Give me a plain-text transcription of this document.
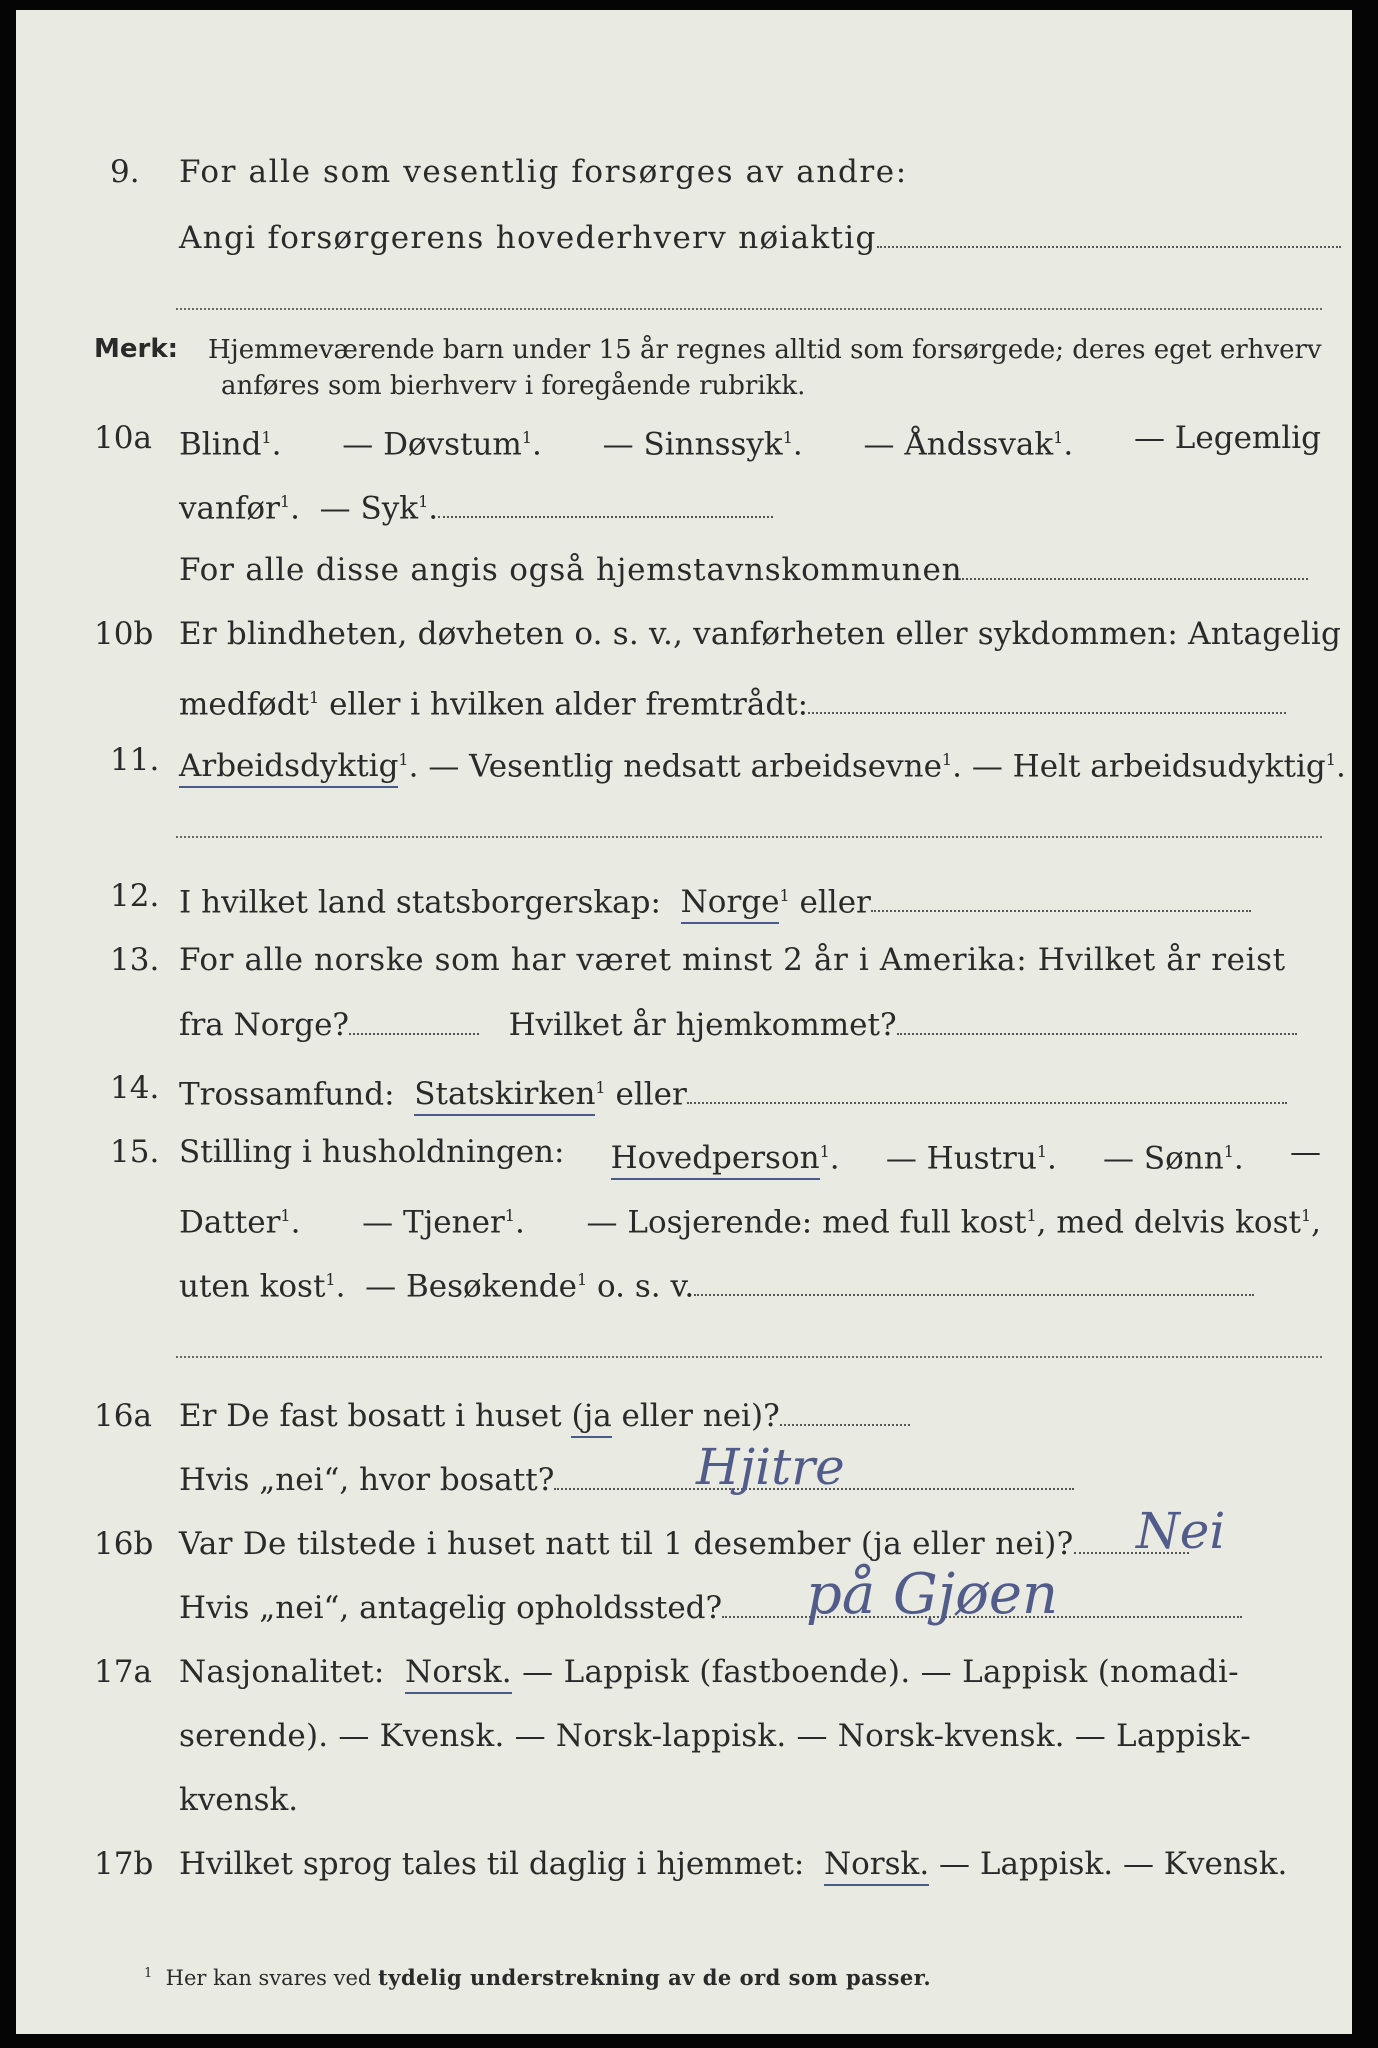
9. For alle som vesentlig forsørges av andre:
Angi forsørgerens hovederhverv nøiaktig
Merk: Hjemmeværende barn under 15 år regnes alltid som forsørgede; deres eget erhverv
anføres som bierhverv i foregående rubrikk.
10a Blind$^1$. — Døvstum$^1$. — Sinnssyk$^1$. — Åndssvak$^1$. — Legemlig
vanfør$^1$.  — Syk$^1$.
For alle disse angis også hjemstavnskommunen
10b Er blindheten, døvheten o. s. v., vanførheten eller sykdommen: Antagelig
medfødt$^1$ eller i hvilken alder fremtrådt:
11. Arbeidsdyktig$^1$. — Vesentlig nedsatt arbeidsevne$^1$. — Helt arbeidsudyktig$^1$.
12. I hvilket land statsborgerskap: Norge$^1$ eller
13. For alle norske som har været minst 2 år i Amerika: Hvilket år reist
fra Norge?	Hvilket år hjemkommet?
14. Trossamfund: Statskirken$^1$ eller
15. Stilling i husholdningen: Hovedperson$^1$. — Hustru$^1$. — Sønn$^1$. —
Datter$^1$. — Tjener$^1$. — Losjerende: med full kost$^1$, med delvis kost$^1$,
uten kost$^1$.  — Besøkende$^1$ o. s. v.
16a Er De fast bosatt i huset (ja eller nei)?
Hvis „nei“, hvor bosatt?	Hjitre
16b Var De tilstede i huset natt til 1 desember (ja eller nei)?	Nei
Hvis „nei“, antagelig opholdssted?	på Gjøen
17a Nasjonalitet: Norsk. — Lappisk (fastboende). — Lappisk (nomadi-
serende). — Kvensk. — Norsk-lappisk. — Norsk-kvensk. — Lappisk-
kvensk.
17b Hvilket sprog tales til daglig i hjemmet: Norsk. — Lappisk. — Kvensk.
$^1$ Her kan svares ved tydelig understrekning av de ord som passer.
